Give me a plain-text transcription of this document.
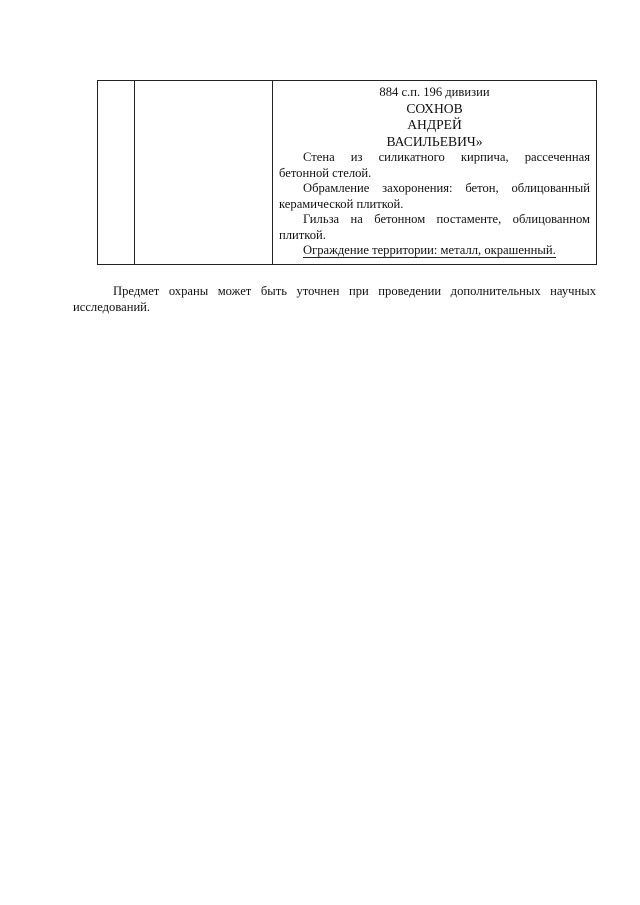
884 с.п. 196 дивизии

СОХНОВ

АНДРЕЙ

ВАСИЛЬЕВИЧ»

Стена из силикатного кирпича, рассеченная бетонной стелой.

Обрамление захоронения: бетон, облицованный керамической плиткой.

Гильза на бетонном постаменте, облицованном плиткой.

Ограждение территории: металл, окрашенный.

Предмет охраны может быть уточнен при проведении дополнительных научных исследований.
